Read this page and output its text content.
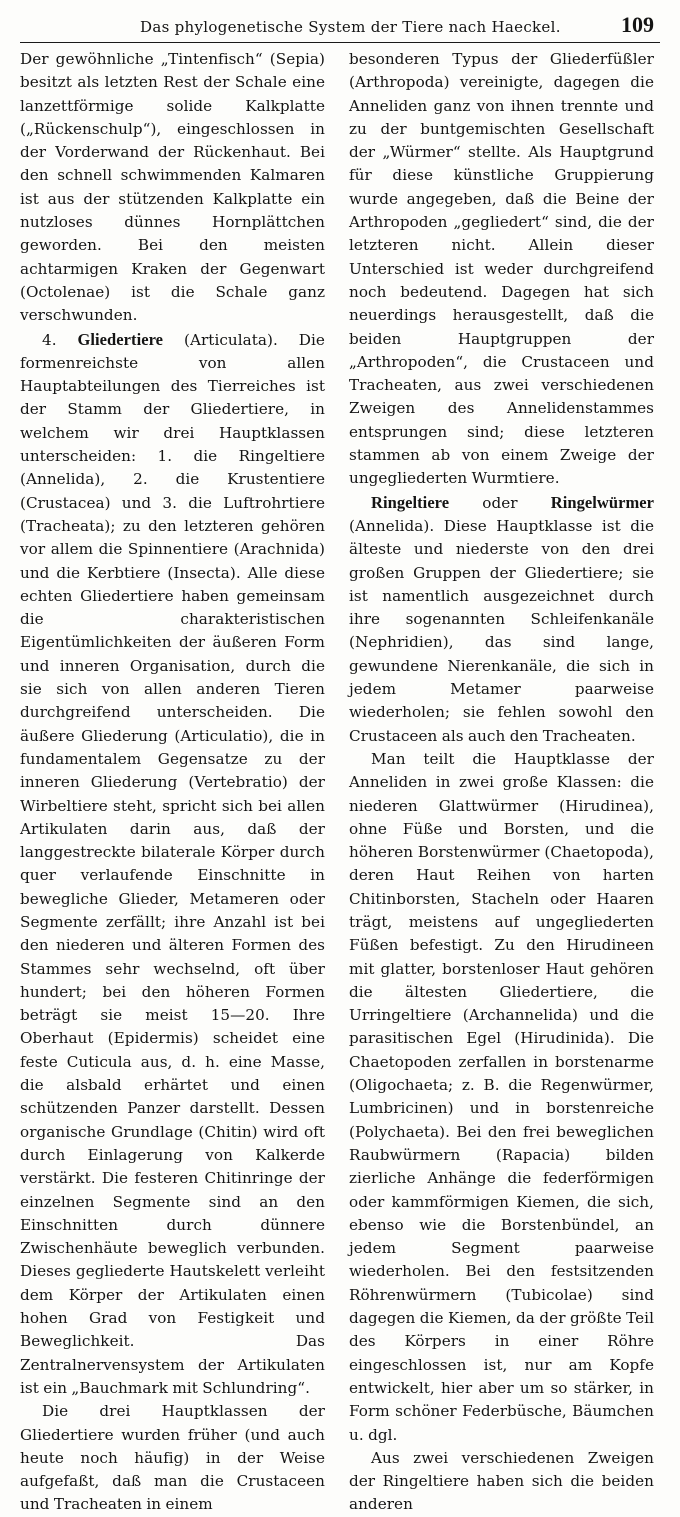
Das phylogenetische System der Tiere nach Haeckel.	109

Der gewöhnliche „Tintenfisch“ (Sepia) besitzt als letzten Rest der Schale eine lanzettförmige solide Kalkplatte („Rückenschulp“), eingeschlossen in der Vorderwand der Rückenhaut. Bei den schnell schwimmenden Kalmaren ist aus der stützenden Kalkplatte ein nutzloses dünnes Hornplättchen geworden. Bei den meisten achtarmigen Kraken der Gegenwart (Octolenae) ist die Schale ganz verschwunden.

4. Gliedertiere (Articulata). Die formenreichste von allen Hauptabteilungen des Tierreiches ist der Stamm der Gliedertiere, in welchem wir drei Hauptklassen unterscheiden: 1. die Ringeltiere (Annelida), 2. die Krustentiere (Crustacea) und 3. die Luftrohrtiere (Tracheata); zu den letzteren gehören vor allem die Spinnentiere (Arachnida) und die Kerbtiere (Insecta). Alle diese echten Gliedertiere haben gemeinsam die charakteristischen Eigentümlichkeiten der äußeren Form und inneren Organisation, durch die sie sich von allen anderen Tieren durchgreifend unterscheiden. Die äußere Gliederung (Articulatio), die in fundamentalem Gegensatze zu der inneren Gliederung (Vertebratio) der Wirbeltiere steht, spricht sich bei allen Artikulaten darin aus, daß der langgestreckte bilaterale Körper durch quer verlaufende Einschnitte in bewegliche Glieder, Metameren oder Segmente zerfällt; ihre Anzahl ist bei den niederen und älteren Formen des Stammes sehr wechselnd, oft über hundert; bei den höheren Formen beträgt sie meist 15—20. Ihre Oberhaut (Epidermis) scheidet eine feste Cuticula aus, d. h. eine Masse, die alsbald erhärtet und einen schützenden Panzer darstellt. Dessen organische Grundlage (Chitin) wird oft durch Einlagerung von Kalkerde verstärkt. Die festeren Chitinringe der einzelnen Segmente sind an den Einschnitten durch dünnere Zwischenhäute beweglich verbunden. Dieses gegliederte Hautskelett verleiht dem Körper der Artikulaten einen hohen Grad von Festigkeit und Beweglichkeit. Das Zentralnervensystem der Artikulaten ist ein „Bauchmark mit Schlundring“.

Die drei Hauptklassen der Gliedertiere wurden früher (und auch heute noch häufig) in der Weise aufgefaßt, daß man die Crustaceen und Tracheaten in einem

besonderen Typus der Gliederfüßler (Arthropoda) vereinigte, dagegen die Anneliden ganz von ihnen trennte und zu der buntgemischten Gesellschaft der „Würmer“ stellte. Als Hauptgrund für diese künstliche Gruppierung wurde angegeben, daß die Beine der Arthropoden „gegliedert“ sind, die der letzteren nicht. Allein dieser Unterschied ist weder durchgreifend noch bedeutend. Dagegen hat sich neuerdings herausgestellt, daß die beiden Hauptgruppen der „Arthropoden“, die Crustaceen und Tracheaten, aus zwei verschiedenen Zweigen des Annelidenstammes entsprungen sind; diese letzteren stammen ab von einem Zweige der ungegliederten Wurmtiere.

Ringeltiere oder Ringelwürmer (Annelida). Diese Hauptklasse ist die älteste und niederste von den drei großen Gruppen der Gliedertiere; sie ist namentlich ausgezeichnet durch ihre sogenannten Schleifenkanäle (Nephridien), das sind lange, gewundene Nierenkanäle, die sich in jedem Metamer paarweise wiederholen; sie fehlen sowohl den Crustaceen als auch den Tracheaten.

Man teilt die Hauptklasse der Anneliden in zwei große Klassen: die niederen Glattwürmer (Hirudinea), ohne Füße und Borsten, und die höheren Borstenwürmer (Chaetopoda), deren Haut Reihen von harten Chitinborsten, Stacheln oder Haaren trägt, meistens auf ungegliederten Füßen befestigt. Zu den Hirudineen mit glatter, borstenloser Haut gehören die ältesten Gliedertiere, die Urringeltiere (Archannelida) und die parasitischen Egel (Hirudinida). Die Chaetopoden zerfallen in borstenarme (Oligochaeta; z. B. die Regenwürmer, Lumbricinen) und in borstenreiche (Polychaeta). Bei den frei beweglichen Raubwürmern (Rapacia) bilden zierliche Anhänge die federförmigen oder kammförmigen Kiemen, die sich, ebenso wie die Borstenbündel, an jedem Segment paarweise wiederholen. Bei den festsitzenden Röhrenwürmern (Tubicolae) sind dagegen die Kiemen, da der größte Teil des Körpers in einer Röhre eingeschlossen ist, nur am Kopfe entwickelt, hier aber um so stärker, in Form schöner Federbüsche, Bäumchen u. dgl.

Aus zwei verschiedenen Zweigen der Ringeltiere haben sich die beiden anderen
